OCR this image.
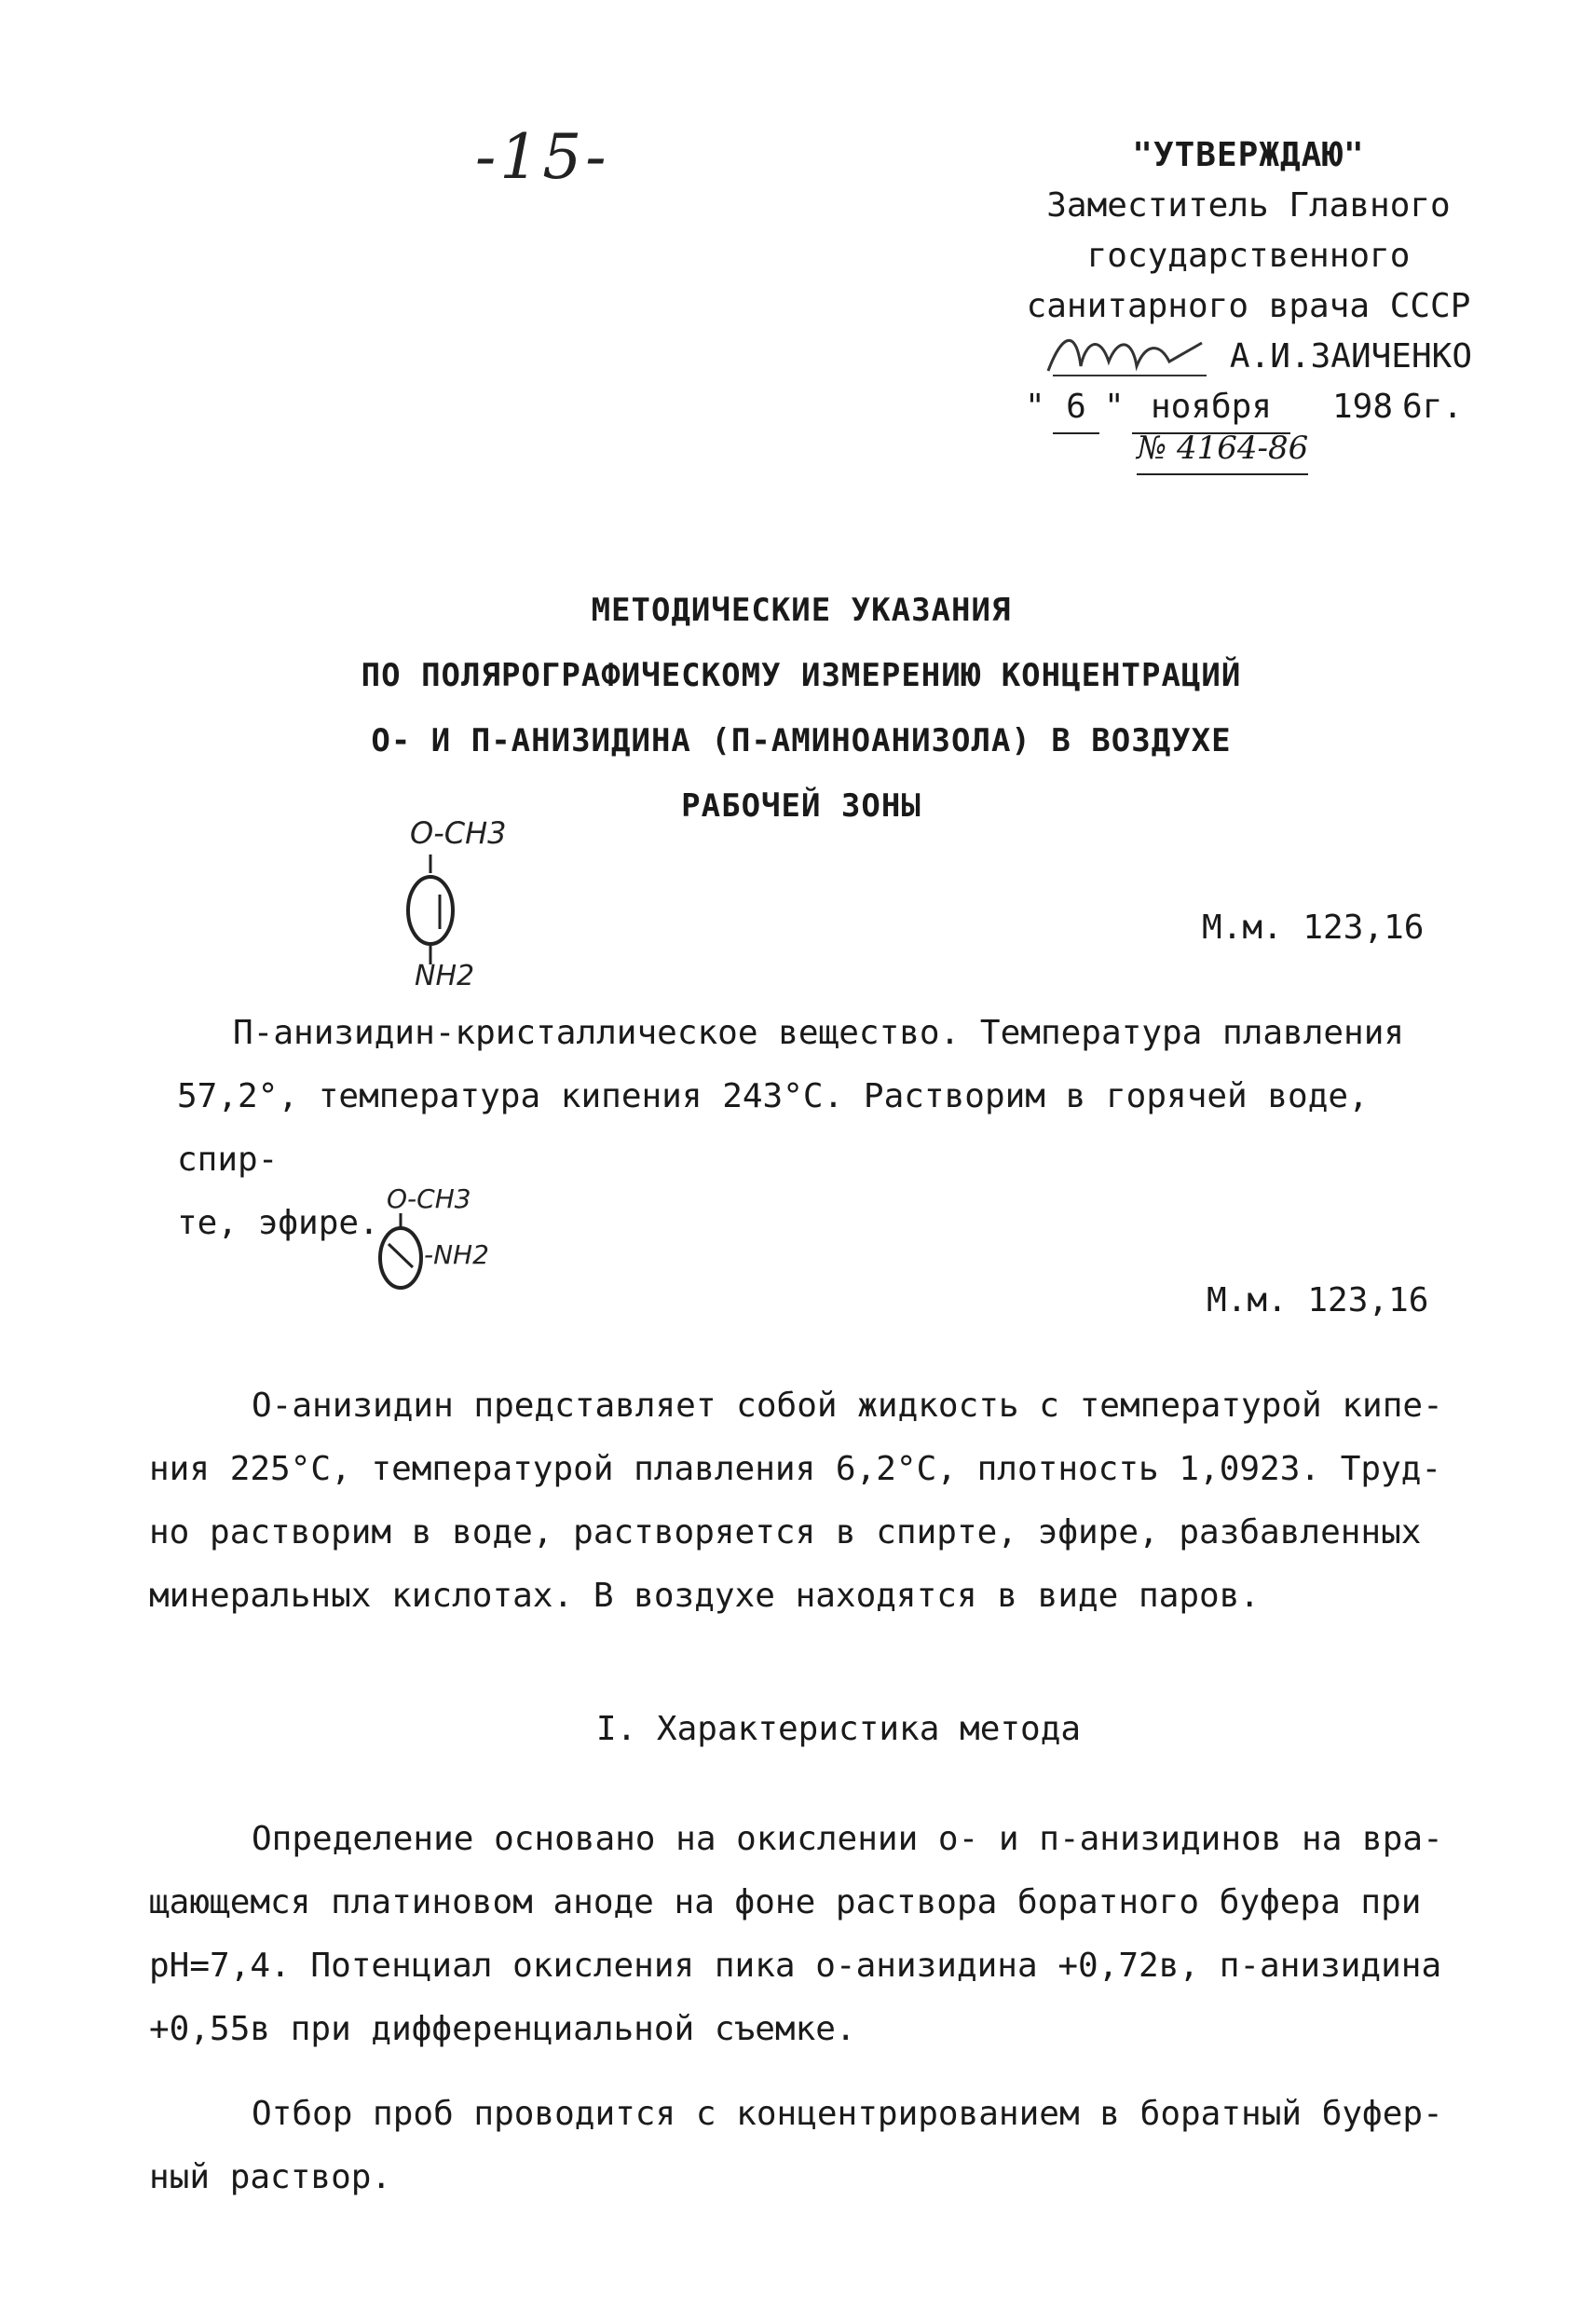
-15-	"УТВЕРЖДАЮ"
Заместитель Главного
государственного
санитарного врача СССР
А.И.ЗАИЧЕНКО
" 6 " ноября	198 6г.
№ 4164-86
МЕТОДИЧЕСКИЕ УКАЗАНИЯ
ПО ПОЛЯРОГРАФИЧЕСКОМУ ИЗМЕРЕНИЮ КОНЦЕНТРАЦИЙ
О- И П-АНИЗИДИНА (П-АМИНОАНИЗОЛА) В ВОЗДУХЕ
РАБОЧЕЙ ЗОНЫ
O-CH3
NH2
М.м. 123,16
П-анизидин-кристаллическое вещество. Температура плавления
57,2°, температура кипения 243°С. Растворим в горячей воде, спир-
те, эфире.
O-CH3
-NH2
М.м. 123,16
О-анизидин представляет собой жидкость с температурой кипе-
ния 225°С, температурой плавления 6,2°С, плотность 1,0923. Труд-
но растворим в воде, растворяется в спирте, эфире, разбавленных
минеральных кислотах. В воздухе находятся в виде паров.
I. Характеристика метода
Определение основано на окислении о- и п-анизидинов на вра-
щающемся платиновом аноде на фоне раствора боратного буфера при
pH=7,4. Потенциал окисления пика о-анизидина +0,72в, п-анизидина
+0,55в при дифференциальной съемке.
Отбор проб проводится с концентрированием в боратный буфер-
ный раствор.
